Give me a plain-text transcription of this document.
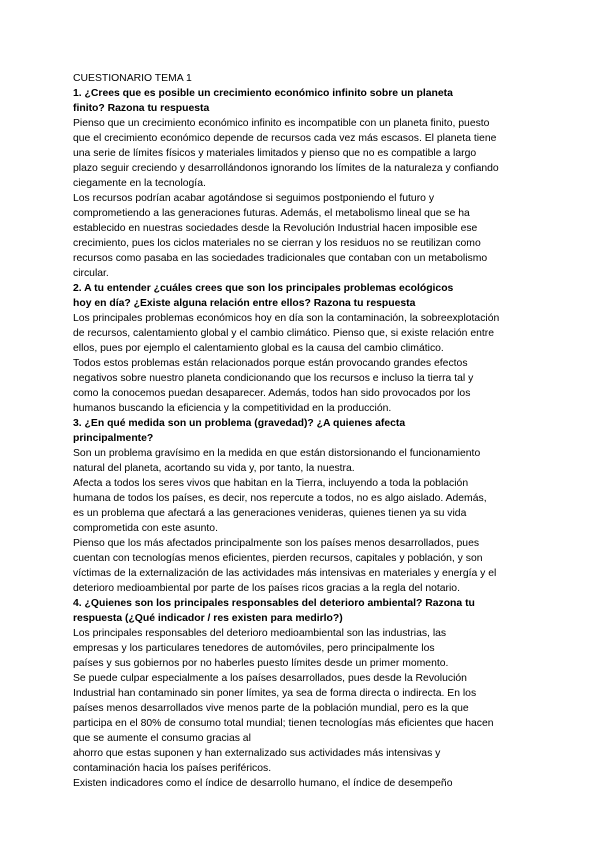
CUESTIONARIO TEMA 1

1. ¿Crees que es posible un crecimiento económico infinito sobre un planeta

finito? Razona tu respuesta

Pienso que un crecimiento económico infinito es incompatible con un planeta finito, puesto

que el crecimiento económico depende de recursos cada vez más escasos. El planeta tiene

una serie de límites físicos y materiales limitados y pienso que no es compatible a largo

plazo seguir creciendo y desarrollándonos ignorando los límites de la naturaleza y confiando

ciegamente en la tecnología.

Los recursos podrían acabar agotándose si seguimos postponiendo el futuro y

comprometiendo a las generaciones futuras. Además, el metabolismo lineal que se ha

establecido en nuestras sociedades desde la Revolución Industrial hacen imposible ese

crecimiento, pues los ciclos materiales no se cierran y los residuos no se reutilizan como

recursos como pasaba en las sociedades tradicionales que contaban con un metabolismo

circular.

2. A tu entender ¿cuáles crees que son los principales problemas ecológicos

hoy en día? ¿Existe alguna relación entre ellos? Razona tu respuesta

Los principales problemas económicos hoy en día son la contaminación, la sobreexplotación

de recursos, calentamiento global y el cambio climático. Pienso que, si existe relación entre

ellos, pues por ejemplo el calentamiento global es la causa del cambio climático.

Todos estos problemas están relacionados porque están provocando grandes efectos

negativos sobre nuestro planeta condicionando que los recursos e incluso la tierra tal y

como la conocemos puedan desaparecer. Además, todos han sido provocados por los

humanos buscando la eficiencia y la competitividad en la producción.

3. ¿En qué medida son un problema (gravedad)? ¿A quienes afecta

principalmente?

Son un problema gravísimo en la medida en que están distorsionando el funcionamiento

natural del planeta, acortando su vida y, por tanto, la nuestra.

Afecta a todos los seres vivos que habitan en la Tierra, incluyendo a toda la población

humana de todos los países, es decir, nos repercute a todos, no es algo aislado. Además,

es un problema que afectará a las generaciones venideras, quienes tienen ya su vida

comprometida con este asunto.

Pienso que los más afectados principalmente son los países menos desarrollados, pues

cuentan con tecnologías menos eficientes, pierden recursos, capitales y población, y son

víctimas de la externalización de las actividades más intensivas en materiales y energía y el

deterioro medioambiental por parte de los países ricos gracias a la regla del notario.

4. ¿Quienes son los principales responsables del deterioro ambiental? Razona tu

respuesta (¿Qué indicador / res existen para medirlo?)

Los principales responsables del deterioro medioambiental son las industrias, las

empresas y los particulares tenedores de automóviles, pero principalmente los

países y sus gobiernos por no haberles puesto límites desde un primer momento.

Se puede culpar especialmente a los países desarrollados, pues desde la Revolución

Industrial han contaminado sin poner límites, ya sea de forma directa o indirecta. En los

países menos desarrollados vive menos parte de la población mundial, pero es la que

participa en el 80% de consumo total mundial; tienen tecnologías más eficientes que hacen

que se aumente el consumo gracias al

ahorro que estas suponen y han externalizado sus actividades más intensivas y

contaminación hacia los países periféricos.

Existen indicadores como el índice de desarrollo humano, el índice de desempeño
